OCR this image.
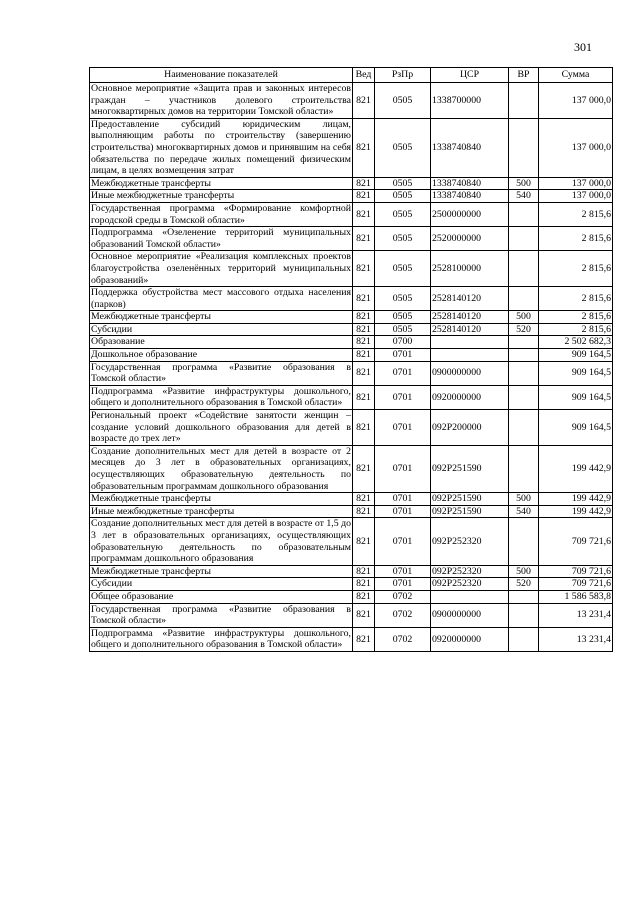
301
Наименование показателей	Вед	РзПр	ЦСР	ВР	Сумма
Основное мероприятие «Защита прав и законных интересов граждан – участников долевого строительства многоквартирных домов на территории Томской области»	821	0505	1338700000		137 000,0
Предоставление субсидий юридическим лицам, выполняющим работы по строительству (завершению строительства) многоквартирных домов и принявшим на себя обязательства по передаче жилых помещений физическим лицам, в целях возмещения затрат	821	0505	1338740840		137 000,0
Межбюджетные трансферты	821	0505	1338740840	500	137 000,0
Иные межбюджетные трансферты	821	0505	1338740840	540	137 000,0
Государственная программа «Формирование комфортной городской среды в Томской области»	821	0505	2500000000		2 815,6
Подпрограмма «Озеленение территорий муниципальных образований Томской области»	821	0505	2520000000		2 815,6
Основное мероприятие «Реализация комплексных проектов благоустройства озеленённых территорий муниципальных образований»	821	0505	2528100000		2 815,6
Поддержка обустройства мест массового отдыха населения (парков)	821	0505	2528140120		2 815,6
Межбюджетные трансферты	821	0505	2528140120	500	2 815,6
Субсидии	821	0505	2528140120	520	2 815,6
Образование	821	0700			2 502 682,3
Дошкольное образование	821	0701			909 164,5
Государственная программа «Развитие образования в Томской области»	821	0701	0900000000		909 164,5
Подпрограмма «Развитие инфраструктуры дошкольного, общего и дополнительного образования в Томской области»	821	0701	0920000000		909 164,5
Региональный проект «Содействие занятости женщин – создание условий дошкольного образования для детей в возрасте до трех лет»	821	0701	092P200000		909 164,5
Создание дополнительных мест для детей в возрасте от 2 месяцев до 3 лет в образовательных организациях, осуществляющих образовательную деятельность по образовательным программам дошкольного образования	821	0701	092P251590		199 442,9
Межбюджетные трансферты	821	0701	092P251590	500	199 442,9
Иные межбюджетные трансферты	821	0701	092P251590	540	199 442,9
Создание дополнительных мест для детей в возрасте от 1,5 до 3 лет в образовательных организациях, осуществляющих образовательную деятельность по образовательным программам дошкольного образования	821	0701	092P252320		709 721,6
Межбюджетные трансферты	821	0701	092P252320	500	709 721,6
Субсидии	821	0701	092P252320	520	709 721,6
Общее образование	821	0702			1 586 583,8
Государственная программа «Развитие образования в Томской области»	821	0702	0900000000		13 231,4
Подпрограмма «Развитие инфраструктуры дошкольного, общего и дополнительного образования в Томской области»	821	0702	0920000000		13 231,4
